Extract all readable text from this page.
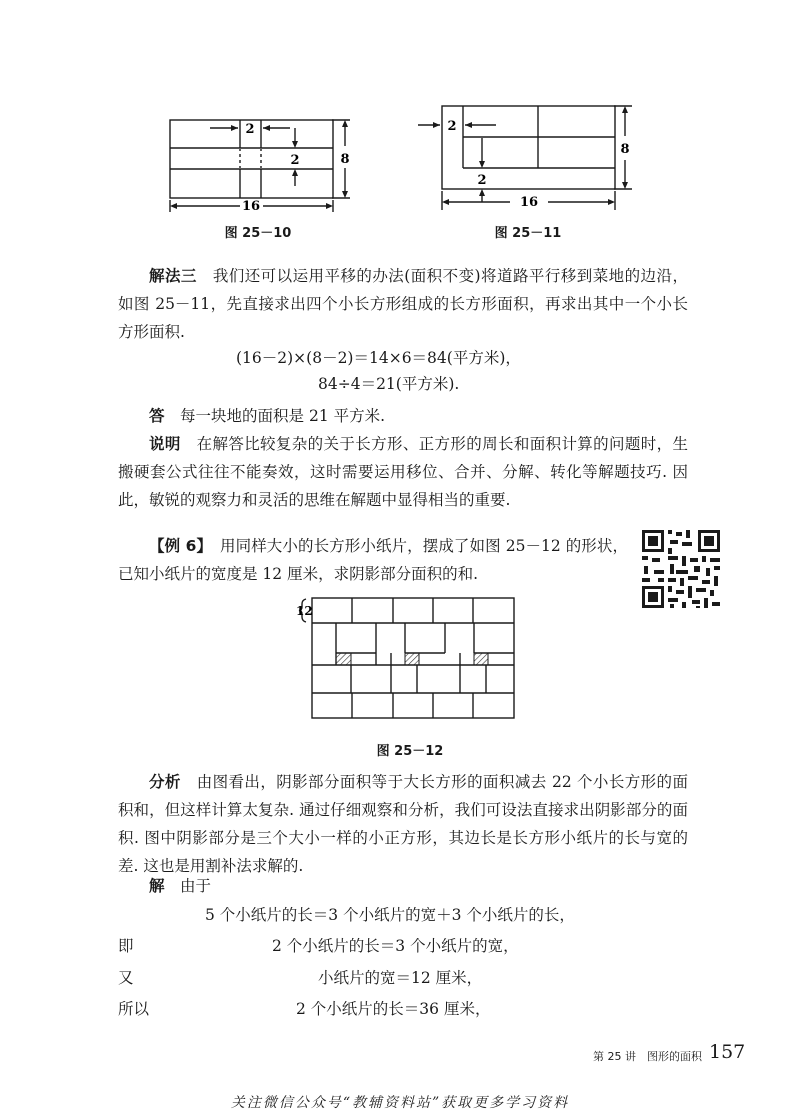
2
2	8
16
图 25－10
2
2
8
16
图 25－11
解法三　 我们还可以运用平移的办法(面积不变)将道路平行移到菜地的边沿，如图 25－11，先直接求出四个小长方形组成的长方形面积，再求出其中一个小长方形面积.
(16－2)×(8－2)＝14×6＝84(平方米)，
84÷4＝21(平方米).
答　 每一块地的面积是 21 平方米.
说明　 在解答比较复杂的关于长方形、正方形的周长和面积计算的问题时，生搬硬套公式往往不能奏效，这时需要运用移位、合并、分解、转化等解题技巧. 因此，敏锐的观察力和灵活的思维在解题中显得相当的重要.
【例 6】　 用同样大小的长方形小纸片，摆成了如图 25－12 的形状，已知小纸片的宽度是 12 厘米，求阴影部分面积的和.
12
图 25－12
分析　 由图看出，阴影部分面积等于大长方形的面积减去 22 个小长方形的面积和，但这样计算太复杂. 通过仔细观察和分析，我们可设法直接求出阴影部分的面积. 图中阴影部分是三个大小一样的小正方形，其边长是长方形小纸片的长与宽的差. 这也是用割补法求解的.
解　 由于
5 个小纸片的长＝3 个小纸片的宽＋3 个小纸片的长，
即	2 个小纸片的长＝3 个小纸片的宽，
又	小纸片的宽＝12 厘米，
所以	2 个小纸片的长＝36 厘米，
第 25 讲　图形的面积 157
关注微信公众号“教辅资料站”获取更多学习资料
